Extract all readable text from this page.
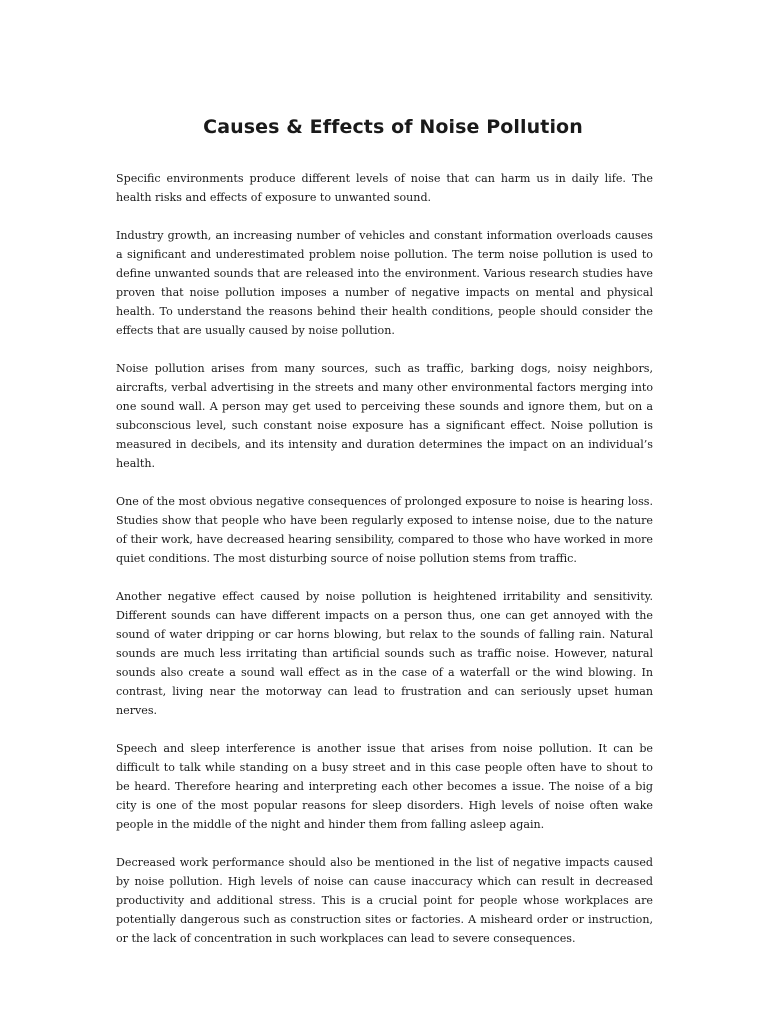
Causes & Effects of Noise Pollution

Specific environments produce different levels of noise that can harm us in daily life. The health risks and effects of exposure to unwanted sound.

Industry growth, an increasing number of vehicles and constant information overloads causes a significant and underestimated problem noise pollution. The term noise pollution is used to define unwanted sounds that are released into the environment. Various research studies have proven that noise pollution imposes a number of negative impacts on mental and physical health. To understand the reasons behind their health conditions, people should consider the effects that are usually caused by noise pollution.

Noise pollution arises from many sources, such as traffic, barking dogs, noisy neighbors, aircrafts, verbal advertising in the streets and many other environmental factors merging into one sound wall. A person may get used to perceiving these sounds and ignore them, but on a subconscious level, such constant noise exposure has a significant effect. Noise pollution is measured in decibels, and its intensity and duration determines the impact on an individual’s health.

One of the most obvious negative consequences of prolonged exposure to noise is hearing loss. Studies show that people who have been regularly exposed to intense noise, due to the nature of their work, have decreased hearing sensibility, compared to those who have worked in more quiet conditions. The most disturbing source of noise pollution stems from traffic.

Another negative effect caused by noise pollution is heightened irritability and sensitivity. Different sounds can have different impacts on a person thus, one can get annoyed with the sound of water dripping or car horns blowing, but relax to the sounds of falling rain. Natural sounds are much less irritating than artificial sounds such as traffic noise. However, natural sounds also create a sound wall effect as in the case of a waterfall or the wind blowing. In contrast, living near the motorway can lead to frustration and can seriously upset human nerves.

Speech and sleep interference is another issue that arises from noise pollution. It can be difficult to talk while standing on a busy street and in this case people often have to shout to be heard. Therefore hearing and interpreting each other becomes a issue. The noise of a big city is one of the most popular reasons for sleep disorders. High levels of noise often wake people in the middle of the night and hinder them from falling asleep again.

Decreased work performance should also be mentioned in the list of negative impacts caused by noise pollution. High levels of noise can cause inaccuracy which can result in decreased productivity and additional stress. This is a crucial point for people whose workplaces are potentially dangerous such as construction sites or factories. A misheard order or instruction, or the lack of concentration in such workplaces can lead to severe consequences.
